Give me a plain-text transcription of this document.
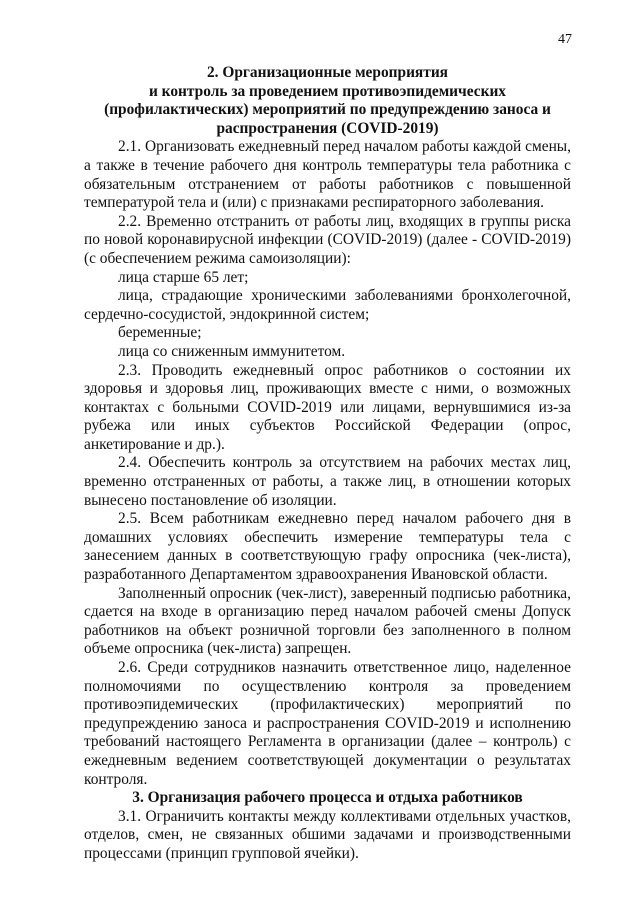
47
2. Организационные мероприятия
и контроль за проведением противоэпидемических
(профилактических) мероприятий по предупреждению заноса и
распространения (COVID-2019)

2.1. Организовать ежедневный перед началом работы каждой смены, а также в течение рабочего дня контроль температуры тела работника с обязательным отстранением от работы работников с повышенной температурой тела и (или) с признаками респираторного заболевания.

2.2. Временно отстранить от работы лиц, входящих в группы риска по новой коронавирусной инфекции (COVID-2019) (далее - COVID-2019) (с обеспечением режима самоизоляции):

лица старше 65 лет;

лица, страдающие хроническими заболеваниями бронхолегочной, сердечно-сосудистой, эндокринной систем;

беременные;

лица со сниженным иммунитетом.

2.3. Проводить ежедневный опрос работников о состоянии их здоровья и здоровья лиц, проживающих вместе с ними, о возможных контактах с больными COVID-2019 или лицами, вернувшимися из-за рубежа или иных субъектов Российской Федерации (опрос, анкетирование и др.).

2.4. Обеспечить контроль за отсутствием на рабочих местах лиц, временно отстраненных от работы, а также лиц, в отношении которых вынесено постановление об изоляции.

2.5. Всем работникам ежедневно перед началом рабочего дня в домашних условиях обеспечить измерение температуры тела с занесением данных в соответствующую графу опросника (чек-листа), разработанного Департаментом здравоохранения Ивановской области.

Заполненный опросник (чек-лист), заверенный подписью работника, сдается на входе в организацию перед началом рабочей смены Допуск работников на объект розничной торговли без заполненного в полном объеме опросника (чек-листа) запрещен.

2.6. Среди сотрудников назначить ответственное лицо, наделенное полномочиями по осуществлению контроля за проведением противоэпидемических (профилактических) мероприятий по предупреждению заноса и распространения COVID-2019 и исполнению требований настоящего Регламента в организации (далее – контроль) с ежедневным ведением соответствующей документации о результатах контроля.

3. Организация рабочего процесса и отдыха работников

3.1. Ограничить контакты между коллективами отдельных участков, отделов, смен, не связанных обшими задачами и производственными процессами (принцип групповой ячейки).
